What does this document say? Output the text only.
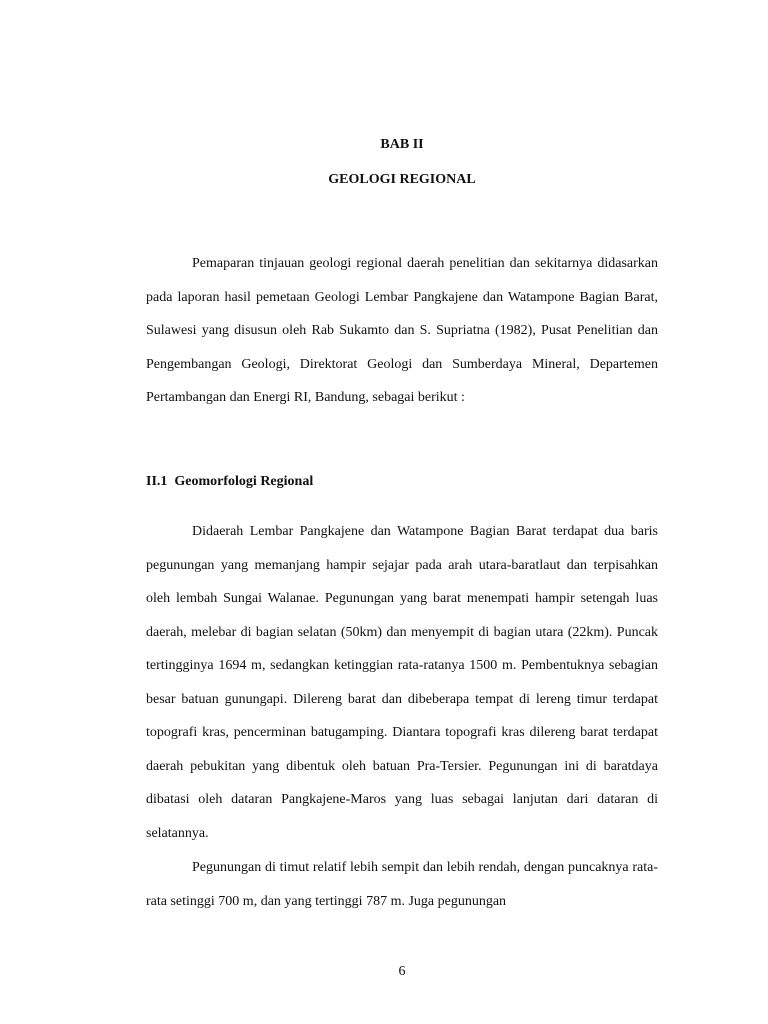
BAB II

GEOLOGI REGIONAL

Pemaparan tinjauan geologi regional daerah penelitian dan sekitarnya didasarkan pada laporan hasil pemetaan Geologi Lembar Pangkajene dan Watampone Bagian Barat, Sulawesi yang disusun oleh Rab Sukamto dan S. Supriatna (1982), Pusat Penelitian dan Pengembangan Geologi, Direktorat Geologi dan Sumberdaya Mineral, Departemen Pertambangan dan Energi RI, Bandung, sebagai berikut :

II.1  Geomorfologi Regional

Didaerah Lembar Pangkajene dan Watampone Bagian Barat terdapat dua baris pegunungan yang memanjang hampir sejajar pada arah utara-baratlaut dan terpisahkan oleh lembah Sungai Walanae. Pegunungan yang barat menempati hampir setengah luas daerah, melebar di bagian selatan (50km) dan menyempit di bagian utara (22km). Puncak tertingginya 1694 m, sedangkan ketinggian rata-ratanya 1500 m. Pembentuknya sebagian besar batuan gunungapi. Dilereng barat dan dibeberapa tempat di lereng timur terdapat topografi kras, pencerminan batugamping. Diantara topografi kras dilereng barat terdapat daerah pebukitan yang dibentuk oleh batuan Pra-Tersier. Pegunungan ini di baratdaya dibatasi oleh dataran Pangkajene-Maros yang luas sebagai lanjutan dari dataran di selatannya.

Pegunungan di timut relatif lebih sempit dan lebih rendah, dengan puncaknya rata-rata setinggi 700 m, dan yang tertinggi 787 m. Juga pegunungan

6
